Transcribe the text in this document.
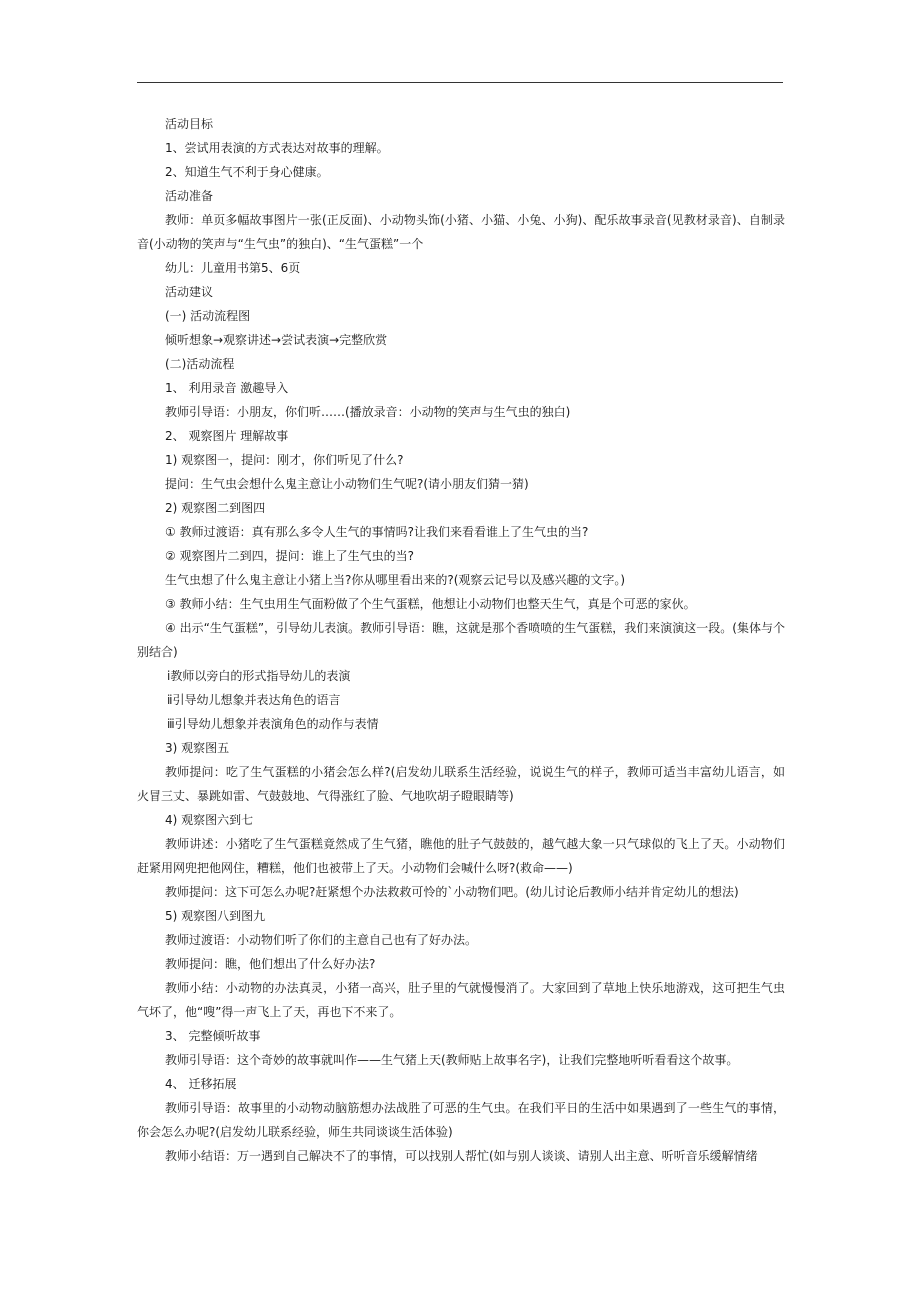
活动目标
1、尝试用表演的方式表达对故事的理解。
2、知道生气不利于身心健康。
活动准备
教师：单页多幅故事图片一张(正反面)、小动物头饰(小猪、小猫、小兔、小狗)、配乐故事录音(见教材录音)、自制录音(小动物的笑声与“生气虫”的独白)、“生气蛋糕”一个
幼儿：儿童用书第5、6页
活动建议
(一) 活动流程图
倾听想象→观察讲述→尝试表演→完整欣赏
(二)活动流程
1、 利用录音 激趣导入
教师引导语：小朋友，你们听……(播放录音：小动物的笑声与生气虫的独白)
2、 观察图片 理解故事
1) 观察图一，提问：刚才，你们听见了什么?
提问：生气虫会想什么鬼主意让小动物们生气呢?(请小朋友们猜一猜)
2) 观察图二到图四
① 教师过渡语：真有那么多令人生气的事情吗?让我们来看看谁上了生气虫的当?
② 观察图片二到四，提问：谁上了生气虫的当?
生气虫想了什么鬼主意让小猪上当?你从哪里看出来的?(观察云记号以及感兴趣的文字。)
③ 教师小结：生气虫用生气面粉做了个生气蛋糕，他想让小动物们也整天生气，真是个可恶的家伙。
④ 出示“生气蛋糕”，引导幼儿表演。教师引导语：瞧，这就是那个香喷喷的生气蛋糕，我们来演演这一段。(集体与个别结合)
ⅰ教师以旁白的形式指导幼儿的表演
ⅱ引导幼儿想象并表达角色的语言
ⅲ引导幼儿想象并表演角色的动作与表情
3) 观察图五
教师提问：吃了生气蛋糕的小猪会怎么样?(启发幼儿联系生活经验，说说生气的样子，教师可适当丰富幼儿语言，如火冒三丈、暴跳如雷、气鼓鼓地、气得涨红了脸、气地吹胡子瞪眼睛等)
4) 观察图六到七
教师讲述：小猪吃了生气蛋糕竟然成了生气猪，瞧他的肚子气鼓鼓的，越气越大象一只气球似的飞上了天。小动物们赶紧用网兜把他网住，糟糕，他们也被带上了天。小动物们会喊什么呀?(救命——)
教师提问：这下可怎么办呢?赶紧想个办法救救可怜的`小动物们吧。(幼儿讨论后教师小结并肯定幼儿的想法)
5) 观察图八到图九
教师过渡语：小动物们听了你们的主意自己也有了好办法。
教师提问：瞧，他们想出了什么好办法?
教师小结：小动物的办法真灵，小猪一高兴，肚子里的气就慢慢消了。大家回到了草地上快乐地游戏，这可把生气虫气坏了，他“嗖”得一声飞上了天，再也下不来了。
3、 完整倾听故事
教师引导语：这个奇妙的故事就叫作——生气猪上天(教师贴上故事名字)，让我们完整地听听看看这个故事。
4、 迁移拓展
教师引导语：故事里的小动物动脑筋想办法战胜了可恶的生气虫。在我们平日的生活中如果遇到了一些生气的事情，你会怎么办呢?(启发幼儿联系经验，师生共同谈谈生活体验)
教师小结语：万一遇到自己解决不了的事情，可以找别人帮忙(如与别人谈谈、请别人出主意、听听音乐缓解情绪
